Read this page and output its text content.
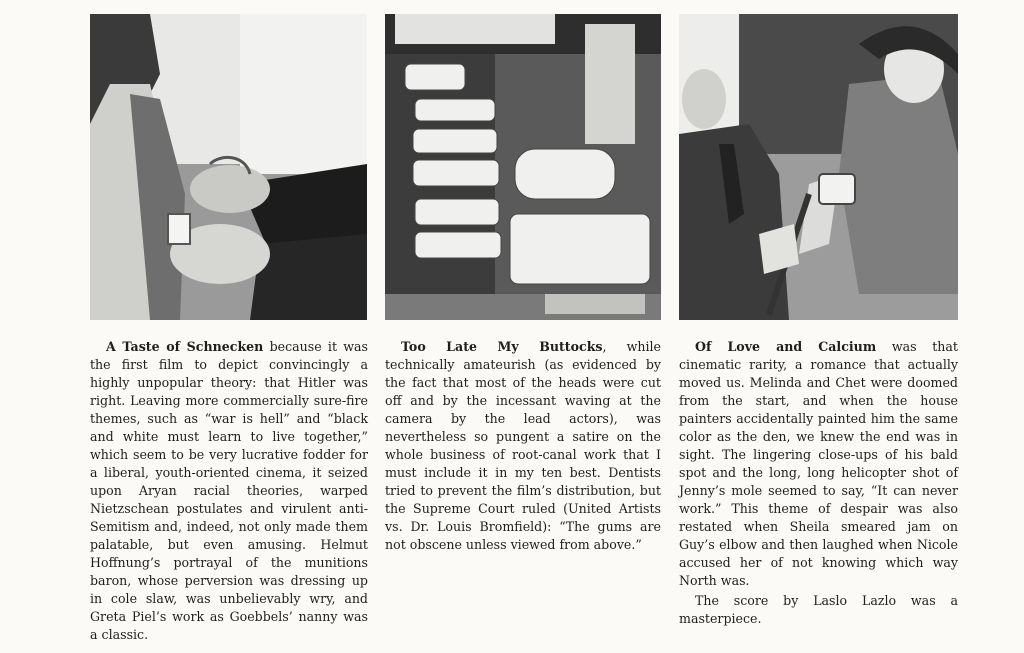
A Taste of Schnecken because it was the first film to depict convincingly a highly unpopular theory: that Hitler was right. Leaving more commercially sure-fire themes, such as “war is hell” and “black and white must learn to live together,” which seem to be very lucrative fodder for a liberal, youth-oriented cinema, it seized upon Aryan racial theories, warped Nietzschean postulates and virulent anti-Semitism and, indeed, not only made them palatable, but even amusing. Helmut Hoffnung’s portrayal of the munitions baron, whose perversion was dressing up in cole slaw, was unbelievably wry, and Greta Piel’s work as Goebbels’ nanny was a classic.

Too Late My Buttocks, while technically amateurish (as evidenced by the fact that most of the heads were cut off and by the incessant waving at the camera by the lead actors), was nevertheless so pungent a satire on the whole business of root-canal work that I must include it in my ten best. Dentists tried to prevent the film’s distribution, but the Supreme Court ruled (United Artists vs. Dr. Louis Bromfield): “The gums are not obscene unless viewed from above.”

Of Love and Calcium was that cinematic rarity, a romance that actually moved us. Melinda and Chet were doomed from the start, and when the house painters accidentally painted him the same color as the den, we knew the end was in sight. The lingering close-ups of his bald spot and the long, long helicopter shot of Jenny’s mole seemed to say, “It can never work.” This theme of despair was also restated when Sheila smeared jam on Guy’s elbow and then laughed when Nicole accused her of not knowing which way North was.

The score by Laslo Lazlo was a masterpiece.
